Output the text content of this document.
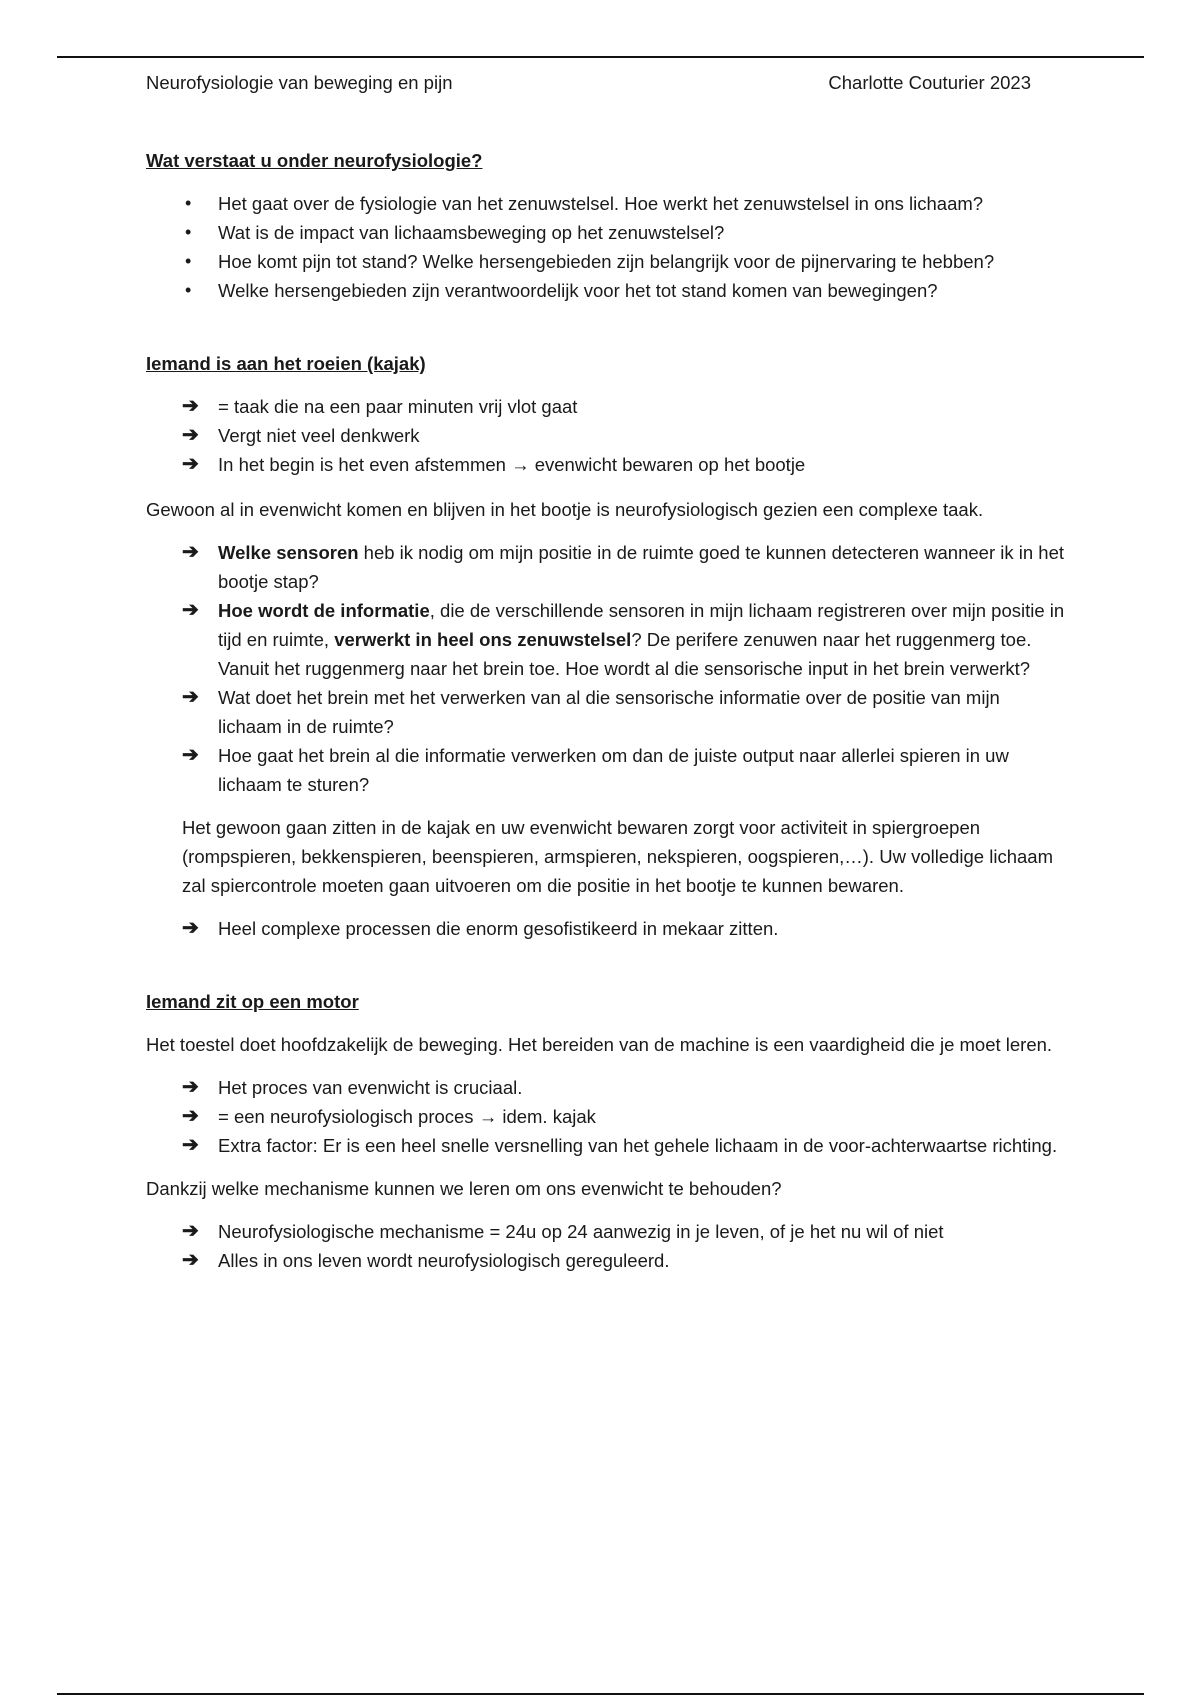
Neurofysiologie van beweging en pijn	Charlotte Couturier 2023
Wat verstaat u onder neurofysiologie?
• Het gaat over de fysiologie van het zenuwstelsel. Hoe werkt het zenuwstelsel in ons lichaam?
• Wat is de impact van lichaamsbeweging op het zenuwstelsel?
• Hoe komt pijn tot stand? Welke hersengebieden zijn belangrijk voor de pijnervaring te hebben?
• Welke hersengebieden zijn verantwoordelijk voor het tot stand komen van bewegingen?
Iemand is aan het roeien (kajak)
➔ = taak die na een paar minuten vrij vlot gaat
➔ Vergt niet veel denkwerk
➔ In het begin is het even afstemmen → evenwicht bewaren op het bootje

Gewoon al in evenwicht komen en blijven in het bootje is neurofysiologisch gezien een complexe taak.

➔ Welke sensoren heb ik nodig om mijn positie in de ruimte goed te kunnen detecteren wanneer ik in het bootje stap?
➔ Hoe wordt de informatie, die de verschillende sensoren in mijn lichaam registreren over mijn positie in tijd en ruimte, verwerkt in heel ons zenuwstelsel? De perifere zenuwen naar het ruggenmerg toe. Vanuit het ruggenmerg naar het brein toe. Hoe wordt al die sensorische input in het brein verwerkt?
➔ Wat doet het brein met het verwerken van al die sensorische informatie over de positie van mijn lichaam in de ruimte?
➔ Hoe gaat het brein al die informatie verwerken om dan de juiste output naar allerlei spieren in uw lichaam te sturen?

Het gewoon gaan zitten in de kajak en uw evenwicht bewaren zorgt voor activiteit in spiergroepen (rompspieren, bekkenspieren, beenspieren, armspieren, nekspieren, oogspieren,…). Uw volledige lichaam zal spiercontrole moeten gaan uitvoeren om die positie in het bootje te kunnen bewaren.

➔ Heel complexe processen die enorm gesofistikeerd in mekaar zitten.
Iemand zit op een motor

Het toestel doet hoofdzakelijk de beweging. Het bereiden van de machine is een vaardigheid die je moet leren.

➔ Het proces van evenwicht is cruciaal.
➔ = een neurofysiologisch proces → idem. kajak
➔ Extra factor: Er is een heel snelle versnelling van het gehele lichaam in de voor-achterwaartse richting.

Dankzij welke mechanisme kunnen we leren om ons evenwicht te behouden?

➔ Neurofysiologische mechanisme = 24u op 24 aanwezig in je leven, of je het nu wil of niet
➔ Alles in ons leven wordt neurofysiologisch gereguleerd.
